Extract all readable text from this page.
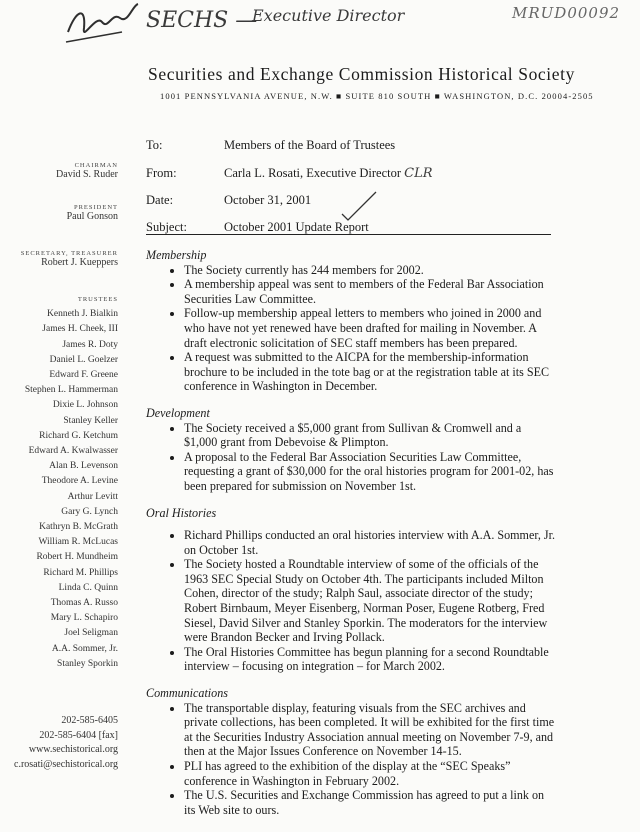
SECHS —
Executive Director	MRUD00092
Securities and Exchange Commission Historical Society
1001 PENNSYLVANIA AVENUE, N.W. ■ SUITE 810 SOUTH ■ WASHINGTON, D.C. 20004-2505
To:	Members of the Board of Trustees
From:	Carla L. Rosati, Executive Director CLR
Date:	October 31, 2001
Subject:	October 2001 Update Report
CHAIRMAN
David S. Ruder
PRESIDENT
Paul Gonson
SECRETARY, TREASURER
Robert J. Kueppers
TRUSTEES
Kenneth J. Bialkin
James H. Cheek, III
James R. Doty
Daniel L. Goelzer
Edward F. Greene
Stephen L. Hammerman
Dixie L. Johnson
Stanley Keller
Richard G. Ketchum
Edward A. Kwalwasser
Alan B. Levenson
Theodore A. Levine
Arthur Levitt
Gary G. Lynch
Kathryn B. McGrath
William R. McLucas
Robert H. Mundheim
Richard M. Phillips
Linda C. Quinn
Thomas A. Russo
Mary L. Schapiro
Joel Seligman
A.A. Sommer, Jr.
Stanley Sporkin
202-585-6405
202-585-6404 [fax]
www.sechistorical.org
c.rosati@sechistorical.org
Membership
• The Society currently has 244 members for 2002.
• A membership appeal was sent to members of the Federal Bar Association Securities Law Committee.
• Follow-up membership appeal letters to members who joined in 2000 and who have not yet renewed have been drafted for mailing in November. A draft electronic solicitation of SEC staff members has been prepared.
• A request was submitted to the AICPA for the membership-information brochure to be included in the tote bag or at the registration table at its SEC conference in Washington in December.
Development
• The Society received a $5,000 grant from Sullivan & Cromwell and a $1,000 grant from Debevoise & Plimpton.
• A proposal to the Federal Bar Association Securities Law Committee, requesting a grant of $30,000 for the oral histories program for 2001-02, has been prepared for submission on November 1st.
Oral Histories
• Richard Phillips conducted an oral histories interview with A.A. Sommer, Jr. on October 1st.
• The Society hosted a Roundtable interview of some of the officials of the 1963 SEC Special Study on October 4th. The participants included Milton Cohen, director of the study; Ralph Saul, associate director of the study; Robert Birnbaum, Meyer Eisenberg, Norman Poser, Eugene Rotberg, Fred Siesel, David Silver and Stanley Sporkin. The moderators for the interview were Brandon Becker and Irving Pollack.
• The Oral Histories Committee has begun planning for a second Roundtable interview – focusing on integration – for March 2002.
Communications
• The transportable display, featuring visuals from the SEC archives and private collections, has been completed. It will be exhibited for the first time at the Securities Industry Association annual meeting on November 7-9, and then at the Major Issues Conference on November 14-15.
• PLI has agreed to the exhibition of the display at the “SEC Speaks” conference in Washington in February 2002.
• The U.S. Securities and Exchange Commission has agreed to put a link on its Web site to ours.
